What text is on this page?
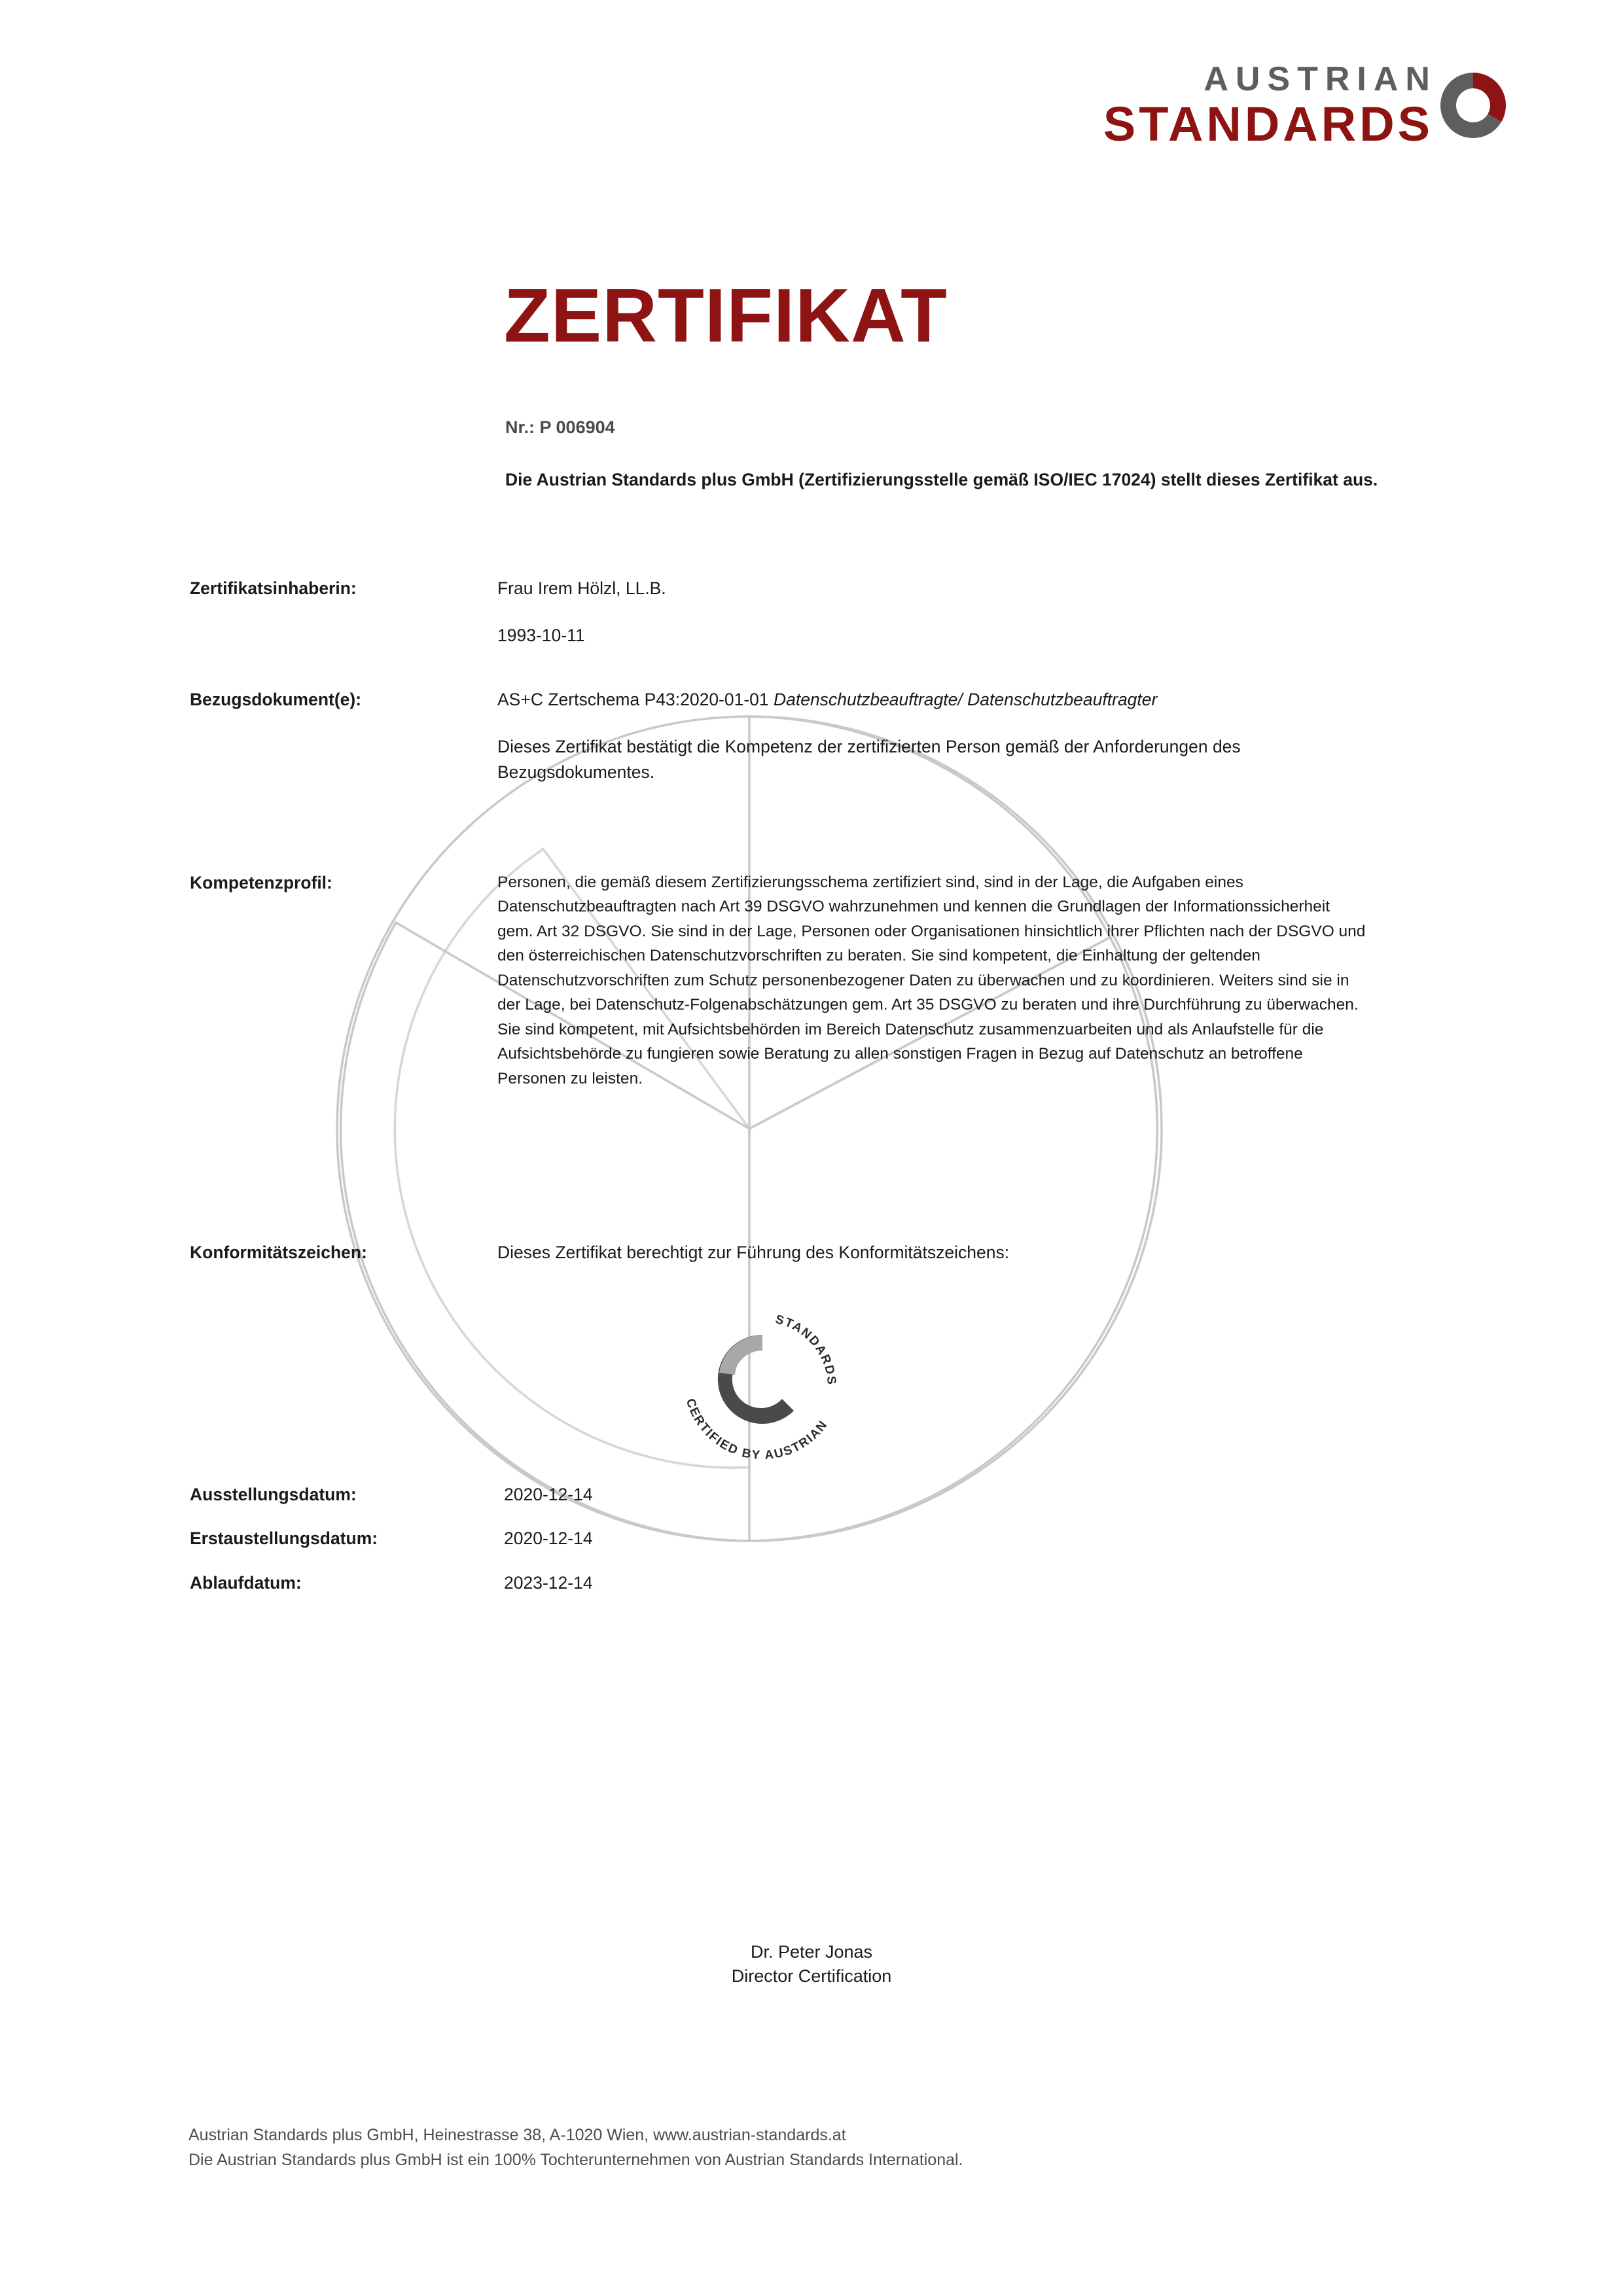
AUSTRIAN
STANDARDS
ZERTIFIKAT
Nr.: P 006904
Die Austrian Standards plus GmbH (Zertifizierungsstelle gemäß ISO/IEC 17024) stellt dieses Zertifikat aus.
Zertifikatsinhaberin:	Frau Irem Hölzl, LL.B.

1993-10-11

Bezugsdokument(e):	AS+C Zertschema P43:2020-01-01 Datenschutzbeauftragte/ Datenschutzbeauftragter

Dieses Zertifikat bestätigt die Kompetenz der zertifizierten Person gemäß der Anforderungen des Bezugsdokumentes.

Kompetenzprofil:	Personen, die gemäß diesem Zertifizierungsschema zertifiziert sind, sind in der Lage, die Aufgaben eines Datenschutzbeauftragten nach Art 39 DSGVO wahrzunehmen und kennen die Grundlagen der Informationssicherheit gem. Art 32 DSGVO. Sie sind in der Lage, Personen oder Organisationen hinsichtlich ihrer Pflichten nach der DSGVO und den österreichischen Datenschutzvorschriften zu beraten. Sie sind kompetent, die Einhaltung der geltenden Datenschutzvorschriften zum Schutz personenbezogener Daten zu überwachen und zu koordinieren. Weiters sind sie in der Lage, bei Datenschutz-Folgenabschätzungen gem. Art 35 DSGVO zu beraten und ihre Durchführung zu überwachen. Sie sind kompetent, mit Aufsichtsbehörden im Bereich Datenschutz zusammenzuarbeiten und als Anlaufstelle für die Aufsichtsbehörde zu fungieren sowie Beratung zu allen sonstigen Fragen in Bezug auf Datenschutz an betroffene Personen zu leisten.

Konformitätszeichen:	Dieses Zertifikat berechtigt zur Führung des Konformitätszeichens:

STANDARDS
CERTIFIED BY AUSTRIAN
Ausstellungsdatum:	2020-12-14
Erstaustellungsdatum:	2020-12-14
Ablaufdatum:	2023-12-14
Dr. Peter Jonas
Director Certification
Austrian Standards plus GmbH, Heinestrasse 38, A-1020 Wien, www.austrian-standards.at
Die Austrian Standards plus GmbH ist ein 100% Tochterunternehmen von Austrian Standards International.
